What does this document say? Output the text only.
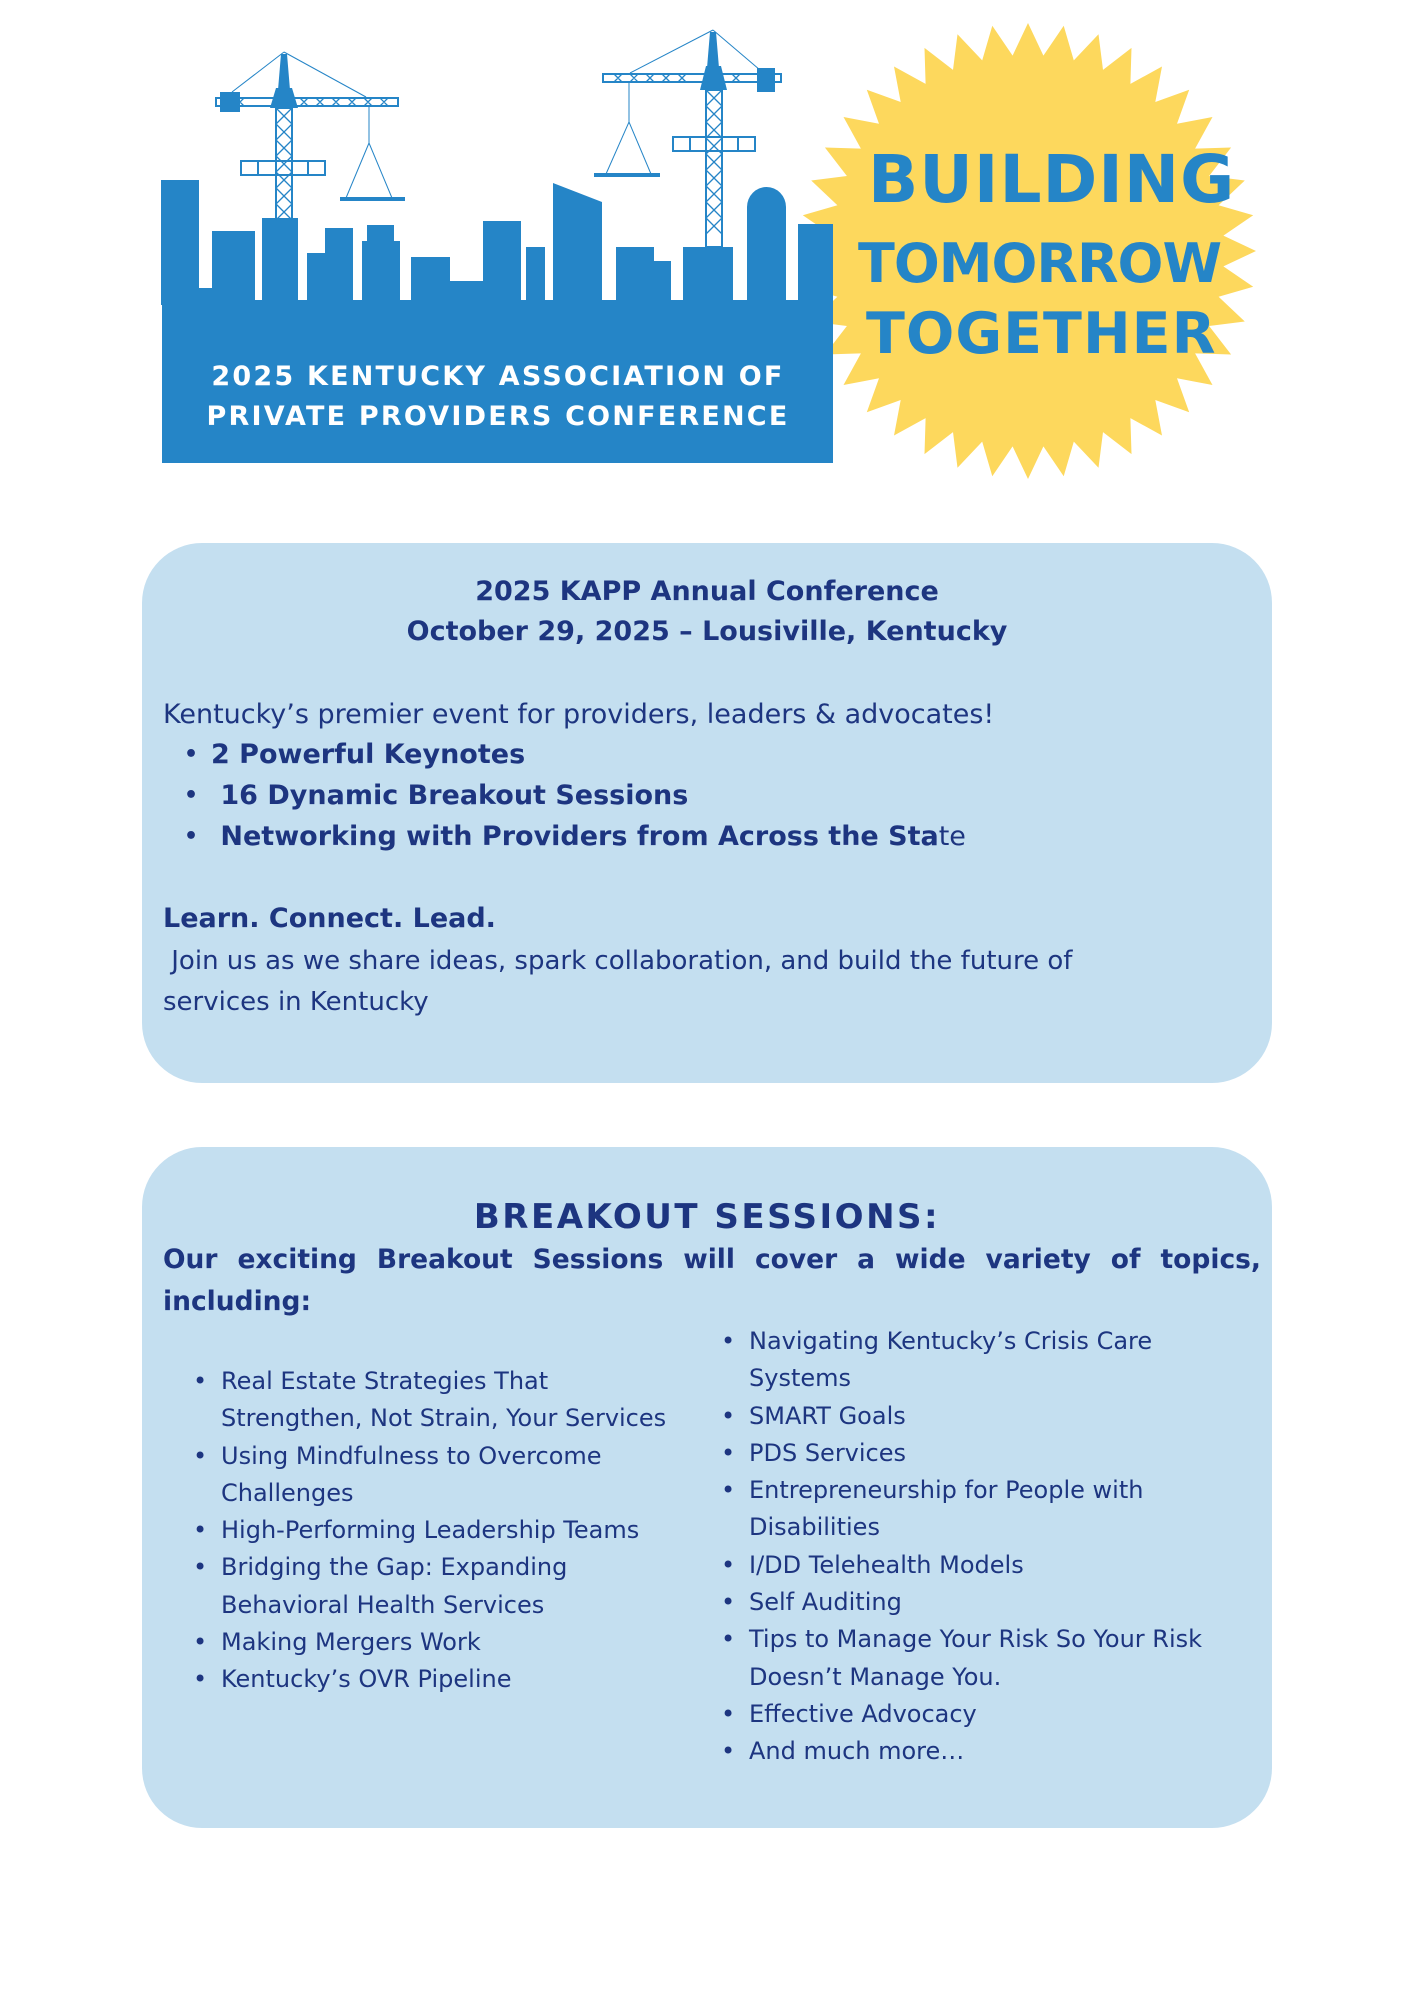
2025 KENTUCKY ASSOCIATION OF
PRIVATE PROVIDERS CONFERENCE
BUILDING
TOMORROW
TOGETHER
2025 KAPP Annual Conference
October 29, 2025 – Lousiville, Kentucky
Kentucky’s premier event for providers, leaders & advocates!
• 2 Powerful Keynotes
• 16 Dynamic Breakout Sessions
• Networking with Providers from Across the State
Learn. Connect. Lead.
Join us as we share ideas, spark collaboration, and build the future of
services in Kentucky
BREAKOUT SESSIONS:
Our exciting Breakout Sessions will cover a wide variety of topics, including:
• Real Estate Strategies That Strengthen, Not Strain, Your Services
• Using Mindfulness to Overcome Challenges
• High-Performing Leadership Teams
• Bridging the Gap: Expanding Behavioral Health Services
• Making Mergers Work
• Kentucky’s OVR Pipeline
• Navigating Kentucky’s Crisis Care Systems
• SMART Goals
• PDS Services
• Entrepreneurship for People with Disabilities
• I/DD Telehealth Models
• Self Auditing
• Tips to Manage Your Risk So Your Risk Doesn’t Manage You.
• Effective Advocacy
• And much more…
